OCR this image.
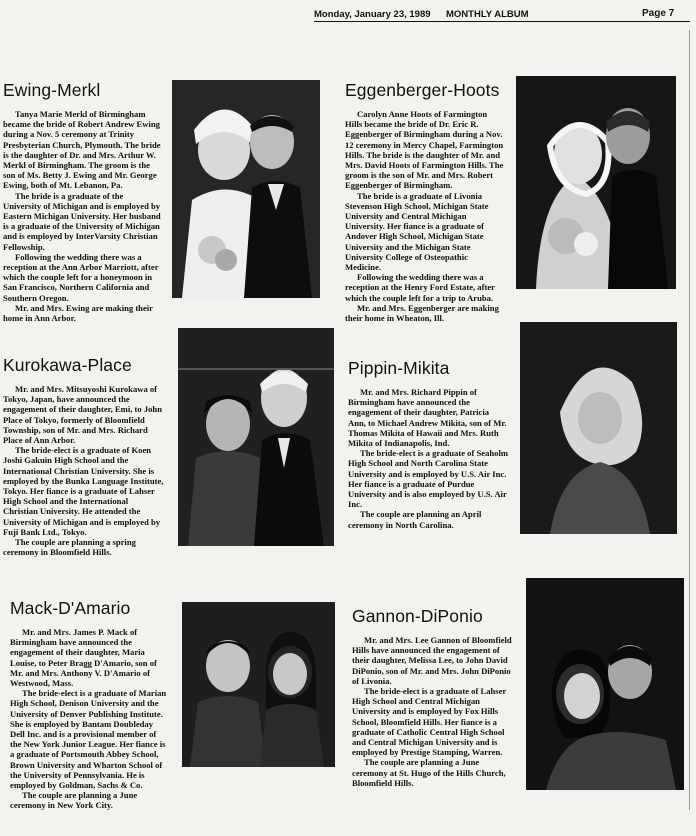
Monday, January 23, 1989 MONTHLY ALBUM	Page 7
Ewing-Merkl

Tanya Marie Merkl of Birmingham became the bride of Robert Andrew Ewing during a Nov. 5 ceremony at Trinity Presbyterian Church, Plymouth. The bride is the daughter of Dr. and Mrs. Arthur W. Merkl of Birmingham. The groom is the son of Ms. Betty J. Ewing and Mr. George Ewing, both of Mt. Lebanon, Pa.

The bride is a graduate of the University of Michigan and is employed by Eastern Michigan University. Her husband is a graduate of the University of Michigan and is employed by InterVarsity Christian Fellowship.

Following the wedding there was a reception at the Ann Arbor Marriott, after which the couple left for a honeymoon in San Francisco, Northern California and Southern Oregon.

Mr. and Mrs. Ewing are making their home in Ann Arbor.

Eggenberger-Hoots

Carolyn Anne Hoots of Farmington Hills became the bride of Dr. Eric R. Eggenberger of Birmingham during a Nov. 12 ceremony in Mercy Chapel, Farmington Hills. The bride is the daughter of Mr. and Mrs. David Hoots of Farmington Hills. The groom is the son of Mr. and Mrs. Robert Eggenberger of Birmingham.

The bride is a graduate of Livonia Stevenson High School, Michigan State University and Central Michigan University. Her fiance is a graduate of Andover High School, Michigan State University and the Michigan State University College of Osteopathic Medicine.

Following the wedding there was a reception at the Henry Ford Estate, after which the couple left for a trip to Aruba.

Mr. and Mrs. Eggenberger are making their home in Wheaton, Ill.

Kurokawa-Place

Mr. and Mrs. Mitsuyoshi Kurokawa of Tokyo, Japan, have announced the engagement of their daughter, Emi, to John Place of Tokyo, formerly of Bloomfield Township, son of Mr. and Mrs. Richard Place of Ann Arbor.

The bride-elect is a graduate of Koen Joshi Gakuin High School and the International Christian University. She is employed by the Bunka Language Institute, Tokyo. Her fiance is a graduate of Lahser High School and the International Christian University. He attended the University of Michigan and is employed by Fuji Bank Ltd., Tokyo.

The couple are planning a spring ceremony in Bloomfield Hills.

Pippin-Mikita

Mr. and Mrs. Richard Pippin of Birmingham have announced the engagement of their daughter, Patricia Ann, to Michael Andrew Mikita, son of Mr. Thomas Mikita of Hawaii and Mrs. Ruth Mikita of Indianapolis, Ind.

The bride-elect is a graduate of Seaholm High School and North Carolina State University and is employed by U.S. Air Inc. Her fiance is a graduate of Purdue University and is also employed by U.S. Air Inc.

The couple are planning an April ceremony in North Carolina.

Mack-D'Amario

Mr. and Mrs. James P. Mack of Birmingham have announced the engagement of their daughter, Maria Louise, to Peter Bragg D'Amario, son of Mr. and Mrs. Anthony V. D'Amario of Westwood, Mass.

The bride-elect is a graduate of Marian High School, Denison University and the University of Denver Publishing Institute. She is employed by Bantam Doubleday Dell Inc. and is a provisional member of the New York Junior League. Her fiance is a graduate of Portsmouth Abbey School, Brown University and Wharton School of the University of Pennsylvania. He is employed by Goldman, Sachs & Co.

The couple are planning a June ceremony in New York City.

Gannon-DiPonio

Mr. and Mrs. Lee Gannon of Bloomfield Hills have announced the engagement of their daughter, Melissa Lee, to John David DiPonio, son of Mr. and Mrs. John DiPonio of Livonia.

The bride-elect is a graduate of Lahser High School and Central Michigan University and is employed by Fox Hills School, Bloomfield Hills. Her fiance is a graduate of Catholic Central High School and Central Michigan University and is employed by Prestige Stamping, Warren.

The couple are planning a June ceremony at St. Hugo of the Hills Church, Bloomfield Hills.
